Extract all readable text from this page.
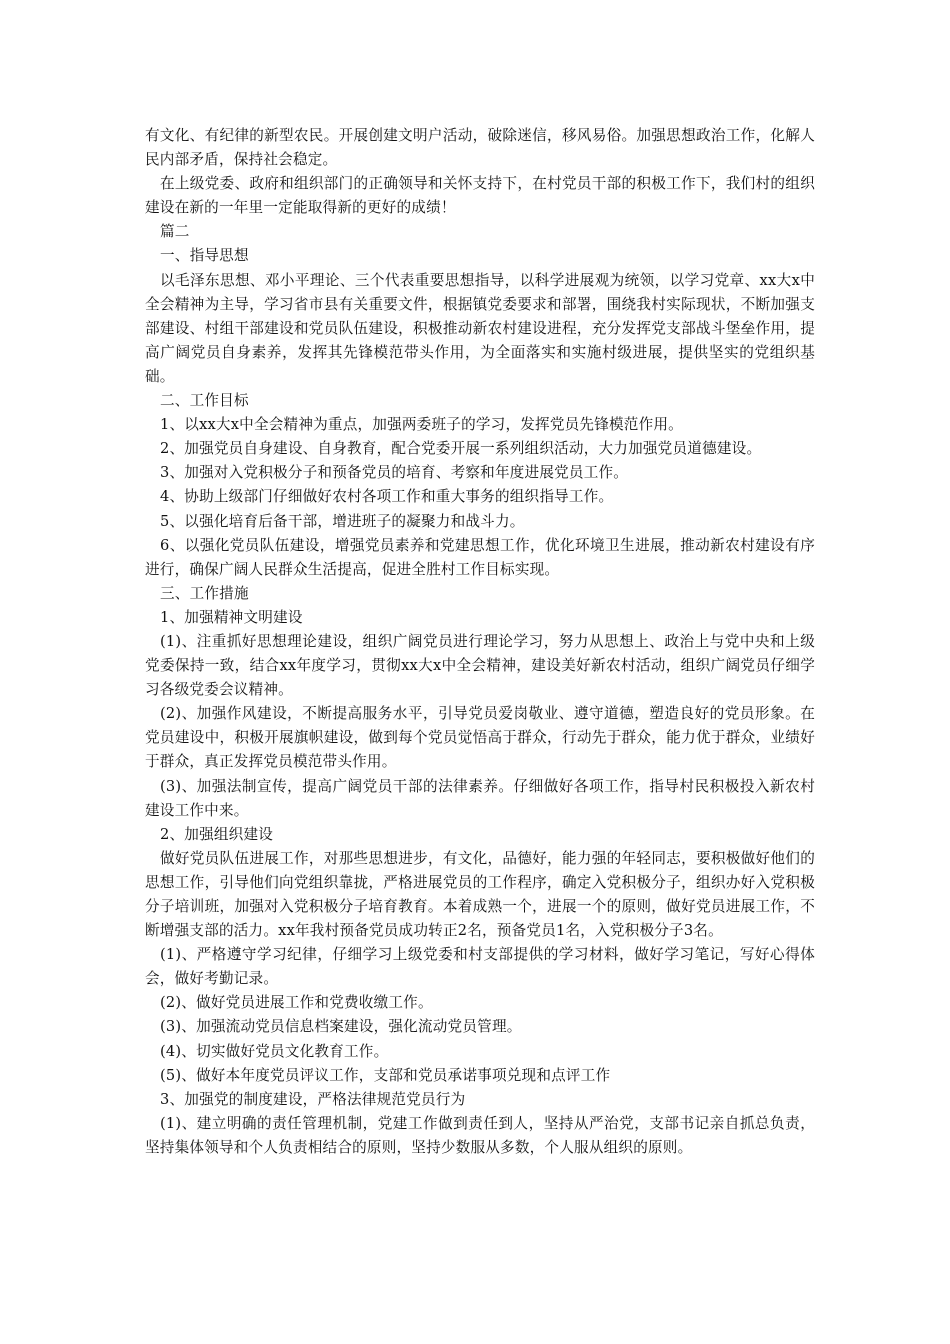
有文化、有纪律的新型农民。开展创建文明户活动，破除迷信，移风易俗。加强思想政治工作，化解人民内部矛盾，保持社会稳定。

在上级党委、政府和组织部门的正确领导和关怀支持下，在村党员干部的积极工作下，我们村的组织建设在新的一年里一定能取得新的更好的成绩！

篇二

一、指导思想

以毛泽东思想、邓小平理论、三个代表重要思想指导，以科学进展观为统领，以学习党章、xx大x中全会精神为主导，学习省市县有关重要文件，根据镇党委要求和部署，围绕我村实际现状，不断加强支部建设、村组干部建设和党员队伍建设，积极推动新农村建设进程，充分发挥党支部战斗堡垒作用，提高广阔党员自身素养，发挥其先锋模范带头作用，为全面落实和实施村级进展，提供坚实的党组织基础。

二、工作目标

1、以xx大x中全会精神为重点，加强两委班子的学习，发挥党员先锋模范作用。

2、加强党员自身建设、自身教育，配合党委开展一系列组织活动，大力加强党员道德建设。

3、加强对入党积极分子和预备党员的培育、考察和年度进展党员工作。

4、协助上级部门仔细做好农村各项工作和重大事务的组织指导工作。

5、以强化培育后备干部，增进班子的凝聚力和战斗力。

6、以强化党员队伍建设，增强党员素养和党建思想工作，优化环境卫生进展，推动新农村建设有序进行，确保广阔人民群众生活提高，促进全胜村工作目标实现。

三、工作措施

1、加强精神文明建设

(1)、注重抓好思想理论建设，组织广阔党员进行理论学习，努力从思想上、政治上与党中央和上级党委保持一致，结合xx年度学习，贯彻xx大x中全会精神，建设美好新农村活动，组织广阔党员仔细学习各级党委会议精神。

(2)、加强作风建设，不断提高服务水平，引导党员爱岗敬业、遵守道德，塑造良好的党员形象。在党员建设中，积极开展旗帜建设，做到每个党员觉悟高于群众，行动先于群众，能力优于群众，业绩好于群众，真正发挥党员模范带头作用。

(3)、加强法制宣传，提高广阔党员干部的法律素养。仔细做好各项工作，指导村民积极投入新农村建设工作中来。

2、加强组织建设

做好党员队伍进展工作，对那些思想进步，有文化，品德好，能力强的年轻同志，要积极做好他们的思想工作，引导他们向党组织靠拢，严格进展党员的工作程序，确定入党积极分子，组织办好入党积极分子培训班，加强对入党积极分子培育教育。本着成熟一个，进展一个的原则，做好党员进展工作，不断增强支部的活力。xx年我村预备党员成功转正2名，预备党员1名，入党积极分子3名。

(1)、严格遵守学习纪律，仔细学习上级党委和村支部提供的学习材料，做好学习笔记，写好心得体会，做好考勤记录。

(2)、做好党员进展工作和党费收缴工作。

(3)、加强流动党员信息档案建设，强化流动党员管理。

(4)、切实做好党员文化教育工作。

(5)、做好本年度党员评议工作，支部和党员承诺事项兑现和点评工作

3、加强党的制度建设，严格法律规范党员行为

(1)、建立明确的责任管理机制，党建工作做到责任到人，坚持从严治党，支部书记亲自抓总负责，坚持集体领导和个人负责相结合的原则，坚持少数服从多数，个人服从组织的原则。
